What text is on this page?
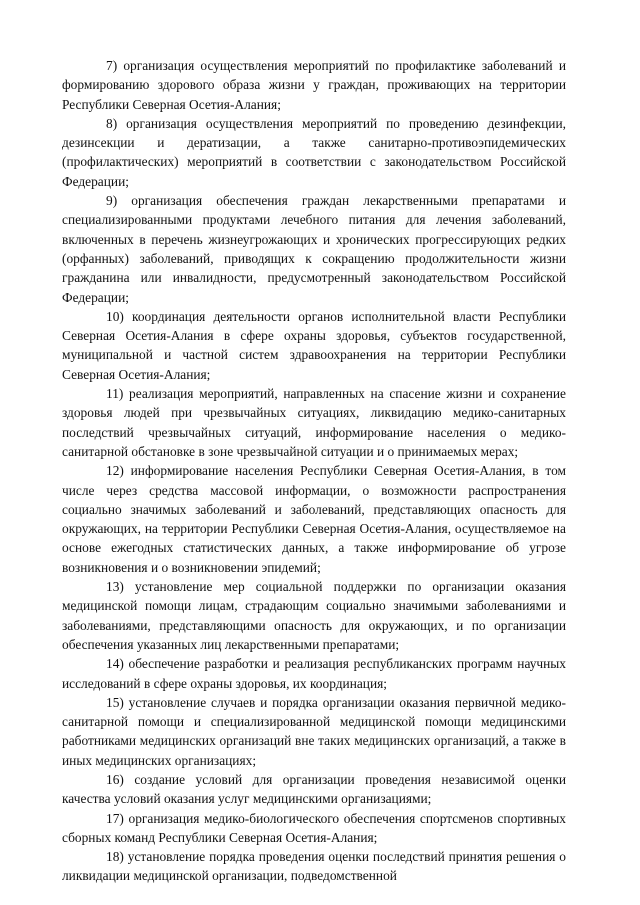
7) организация осуществления мероприятий по профилактике заболеваний и формированию здорового образа жизни у граждан, проживающих на территории Республики Северная Осетия-Алания;

8) организация осуществления мероприятий по проведению дезинфекции, дезинсекции и дератизации, а также санитарно-противоэпидемических (профилактических) мероприятий в соответствии с законодательством Российской Федерации;

9) организация обеспечения граждан лекарственными препаратами и специализированными продуктами лечебного питания для лечения заболеваний, включенных в перечень жизнеугрожающих и хронических прогрессирующих редких (орфанных) заболеваний, приводящих к сокращению продолжительности жизни гражданина или инвалидности, предусмотренный законодательством Российской Федерации;

10) координация деятельности органов исполнительной власти Республики Северная Осетия-Алания в сфере охраны здоровья, субъектов государственной, муниципальной и частной систем здравоохранения на территории Республики Северная Осетия-Алания;

11) реализация мероприятий, направленных на спасение жизни и сохранение здоровья людей при чрезвычайных ситуациях, ликвидацию медико-санитарных последствий чрезвычайных ситуаций, информирование населения о медико-санитарной обстановке в зоне чрезвычайной ситуации и о принимаемых мерах;

12) информирование населения Республики Северная Осетия-Алания, в том числе через средства массовой информации, о возможности распространения социально значимых заболеваний и заболеваний, представляющих опасность для окружающих, на территории Республики Северная Осетия-Алания, осуществляемое на основе ежегодных статистических данных, а также информирование об угрозе возникновения и о возникновении эпидемий;

13) установление мер социальной поддержки по организации оказания медицинской помощи лицам, страдающим социально значимыми заболеваниями и заболеваниями, представляющими опасность для окружающих, и по организации обеспечения указанных лиц лекарственными препаратами;

14) обеспечение разработки и реализация республиканских программ научных исследований в сфере охраны здоровья, их координация;

15) установление случаев и порядка организации оказания первичной медико-санитарной помощи и специализированной медицинской помощи медицинскими работниками медицинских организаций вне таких медицинских организаций, а также в иных медицинских организациях;

16) создание условий для организации проведения независимой оценки качества условий оказания услуг медицинскими организациями;

17) организация медико-биологического обеспечения спортсменов спортивных сборных команд Республики Северная Осетия-Алания;

18) установление порядка проведения оценки последствий принятия решения о ликвидации медицинской организации, подведомственной
